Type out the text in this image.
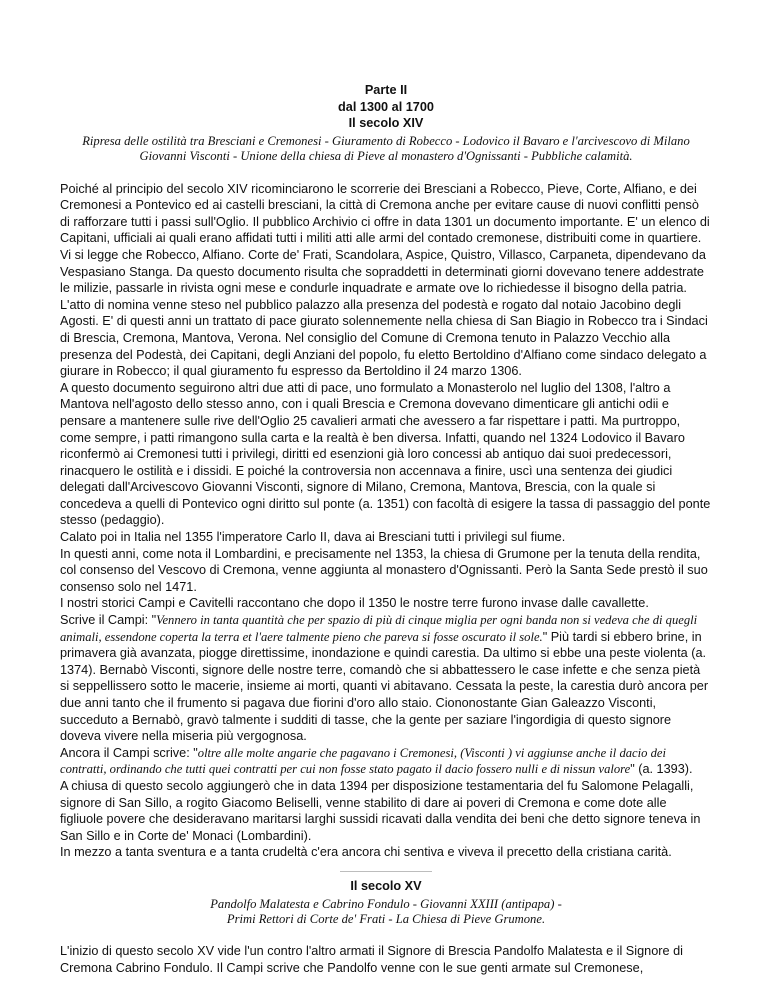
Parte II

dal 1300 al 1700

Il secolo XIV

Ripresa delle ostilità tra Bresciani e Cremonesi - Giuramento di Robecco - Lodovico il Bavaro e l'arcivescovo di Milano Giovanni Visconti - Unione della chiesa di Pieve al monastero d'Ognissanti - Pubbliche calamità.

Poiché al principio del secolo XIV ricominciarono le scorrerie dei Bresciani a Robecco, Pieve, Corte, Alfiano, e dei Cremonesi a Pontevico ed ai castelli bresciani, la città di Cremona anche per evitare cause di nuovi conflitti pensò di rafforzare tutti i passi sull'Oglio. Il pubblico Archivio ci offre in data 1301 un documento importante. E' un elenco di Capitani, ufficiali ai quali erano affidati tutti i militi atti alle armi del contado cremonese, distribuiti come in quartiere. Vi si legge che Robecco, Alfiano. Corte de' Frati, Scandolara, Aspice, Quistro, Villasco, Carpaneta, dipendevano da Vespasiano Stanga. Da questo documento risulta che sopraddetti in determinati giorni dovevano tenere addestrate le milizie, passarle in rivista ogni mese e condurle inquadrate e armate ove lo richiedesse il bisogno della patria.

L'atto di nomina venne steso nel pubblico palazzo alla presenza del podestà e rogato dal notaio Jacobino degli Agosti. E' di questi anni un trattato di pace giurato solennemente nella chiesa di San Biagio in Robecco tra i Sindaci di Brescia, Cremona, Mantova, Verona. Nel consiglio del Comune di Cremona tenuto in Palazzo Vecchio alla presenza del Podestà, dei Capitani, degli Anziani del popolo, fu eletto Bertoldino d'Alfiano come sindaco delegato a giurare in Robecco; il qual giuramento fu espresso da Bertoldino il 24 marzo 1306.

A questo documento seguirono altri due atti di pace, uno formulato a Monasterolo nel luglio del 1308, l'altro a Mantova nell'agosto dello stesso anno, con i quali Brescia e Cremona dovevano dimenticare gli antichi odii e pensare a mantenere sulle rive dell'Oglio 25 cavalieri armati che avessero a far rispettare i patti. Ma purtroppo, come sempre, i patti rimangono sulla carta e la realtà è ben diversa. Infatti, quando nel 1324 Lodovico il Bavaro riconfermò ai Cremonesi tutti i privilegi, diritti ed esenzioni già loro concessi ab antiquo dai suoi predecessori, rinacquero le ostilità e i dissidi. E poiché la controversia non accennava a finire, uscì una sentenza dei giudici delegati dall'Arcivescovo Giovanni Visconti, signore di Milano, Cremona, Mantova, Brescia, con la quale si concedeva a quelli di Pontevico ogni diritto sul ponte (a. 1351) con facoltà di esigere la tassa di passaggio del ponte stesso (pedaggio).

Calato poi in Italia nel 1355 l'imperatore Carlo II, dava ai Bresciani tutti i privilegi sul fiume.

In questi anni, come nota il Lombardini, e precisamente nel 1353, la chiesa di Grumone per la tenuta della rendita, col consenso del Vescovo di Cremona, venne aggiunta al monastero d'Ognissanti. Però la Santa Sede prestò il suo consenso solo nel 1471.

I nostri storici Campi e Cavitelli raccontano che dopo il 1350 le nostre terre furono invase dalle cavallette.

Scrive il Campi: "Vennero in tanta quantità che per spazio di più di cinque miglia per ogni banda non si vedeva che di quegli animali, essendone coperta la terra et l'aere talmente pieno che pareva si fosse oscurato il sole." Più tardi si ebbero brine, in primavera già avanzata, piogge direttissime, inondazione e quindi carestia. Da ultimo si ebbe una peste violenta (a. 1374). Bernabò Visconti, signore delle nostre terre, comandò che si abbattessero le case infette e che senza pietà si seppellissero sotto le macerie, insieme ai morti, quanti vi abitavano. Cessata la peste, la carestia durò ancora per due anni tanto che il frumento si pagava due fiorini d'oro allo staio. Ciononostante Gian Galeazzo Visconti, succeduto a Bernabò, gravò talmente i sudditi di tasse, che la gente per saziare l'ingordigia di questo signore doveva vivere nella miseria più vergognosa.

Ancora il Campi scrive: "oltre alle molte angarie che pagavano i Cremonesi, (Visconti ) vi aggiunse anche il dacio dei contratti, ordinando che tutti quei contratti per cui non fosse stato pagato il dacio fossero nulli e di nissun valore" (a. 1393).

A chiusa di questo secolo aggiungerò che in data 1394 per disposizione testamentaria del fu Salomone Pelagalli, signore di San Sillo, a rogito Giacomo Beliselli, venne stabilito di dare ai poveri di Cremona e come dote alle figliuole povere che desideravano maritarsi larghi sussidi ricavati dalla vendita dei beni che detto signore teneva in San Sillo e in Corte de' Monaci (Lombardini).

In mezzo a tanta sventura e a tanta crudeltà c'era ancora chi sentiva e viveva il precetto della cristiana carità.

Il secolo XV

Pandolfo Malatesta e Cabrino Fondulo - Giovanni XXIII (antipapa) -
Primi Rettori di Corte de' Frati - La Chiesa di Pieve Grumone.

L'inizio di questo secolo XV vide l'un contro l'altro armati il Signore di Brescia Pandolfo Malatesta e il Signore di Cremona Cabrino Fondulo. Il Campi scrive che Pandolfo venne con le sue genti armate sul Cremonese,
